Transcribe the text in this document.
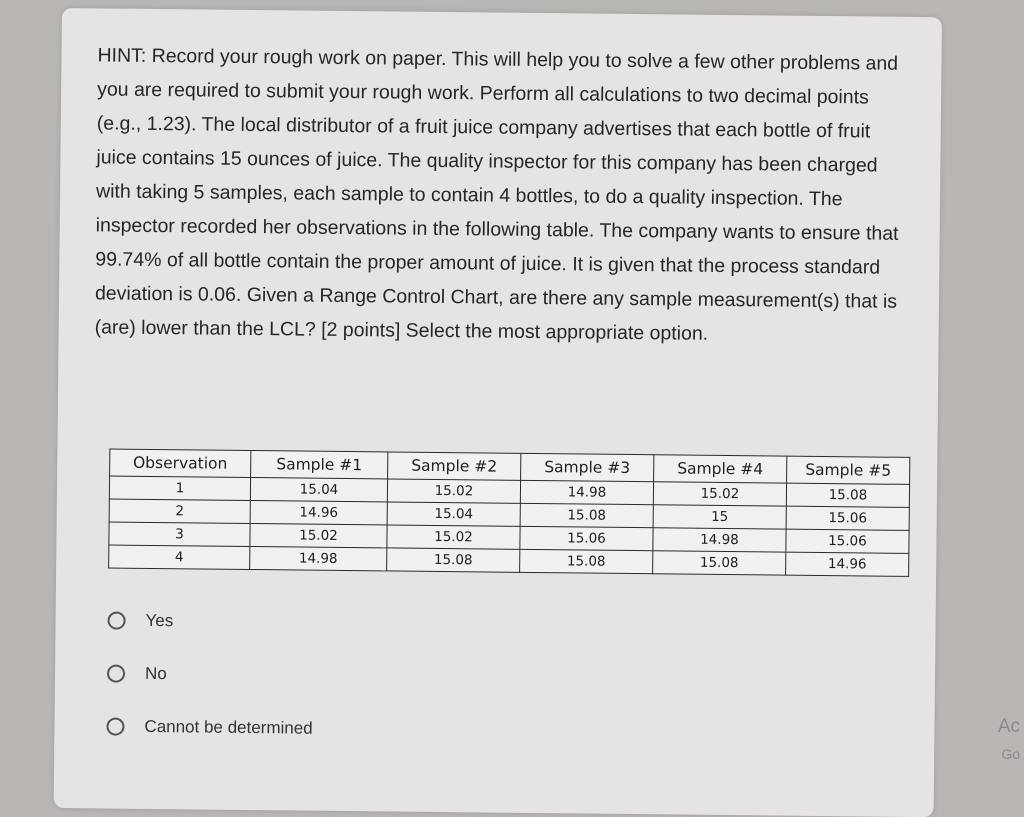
HINT: Record your rough work on paper. This will help you to solve a few other problems and you are required to submit your rough work. Perform all calculations to two decimal points (e.g., 1.23). The local distributor of a fruit juice company advertises that each bottle of fruit juice contains 15 ounces of juice. The quality inspector for this company has been charged with taking 5 samples, each sample to contain 4 bottles, to do a quality inspection. The inspector recorded her observations in the following table. The company wants to ensure that 99.74% of all bottle contain the proper amount of juice. It is given that the process standard deviation is 0.06. Given a Range Control Chart, are there any sample measurement(s) that is (are) lower than the LCL? [2 points] Select the most appropriate option.

Observation	Sample #1	Sample #2	Sample #3	Sample #4	Sample #5
1	15.04	15.02	14.98	15.02	15.08
2	14.96	15.04	15.08	15	15.06
3	15.02	15.02	15.06	14.98	15.06
4	14.98	15.08	15.08	15.08	14.96
Yes
No
Cannot be determined	Ac
Go
